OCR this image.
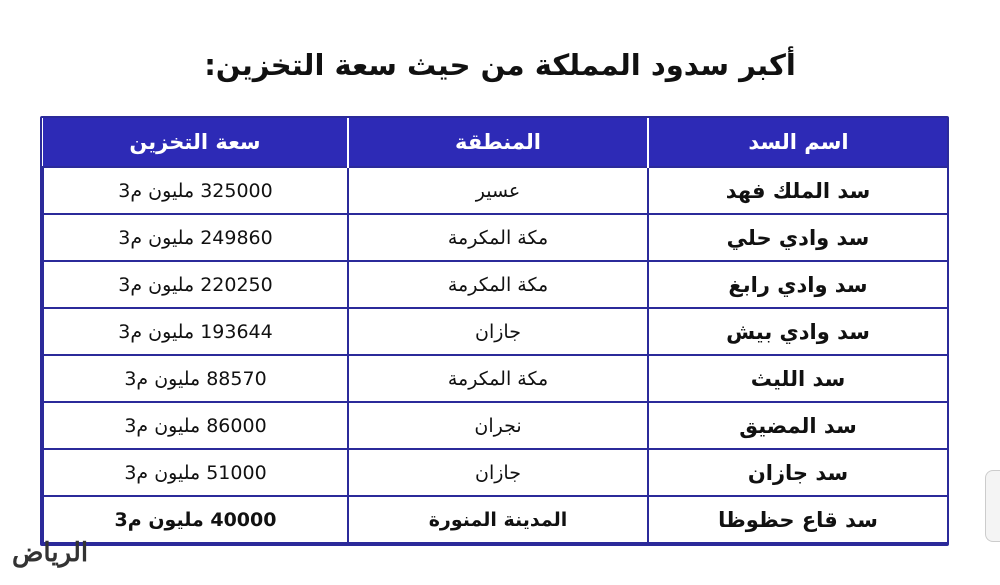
أكبر سدود المملكة من حيث سعة التخزين:
اسم السد	المنطقة	سعة التخزين
سد الملك فهد	عسير	325000 مليون م3
سد وادي حلي	مكة المكرمة	249860 مليون م3
سد وادي رابغ	مكة المكرمة	220250 مليون م3
سد وادي بيش	جازان	193644 مليون م3
سد الليث	مكة المكرمة	88570 مليون م3
سد المضيق	نجران	86000 مليون م3
سد جازان	جازان	51000 مليون م3
سد قاع حظوظا	المدينة المنورة	40000 مليون م3
الرياض
